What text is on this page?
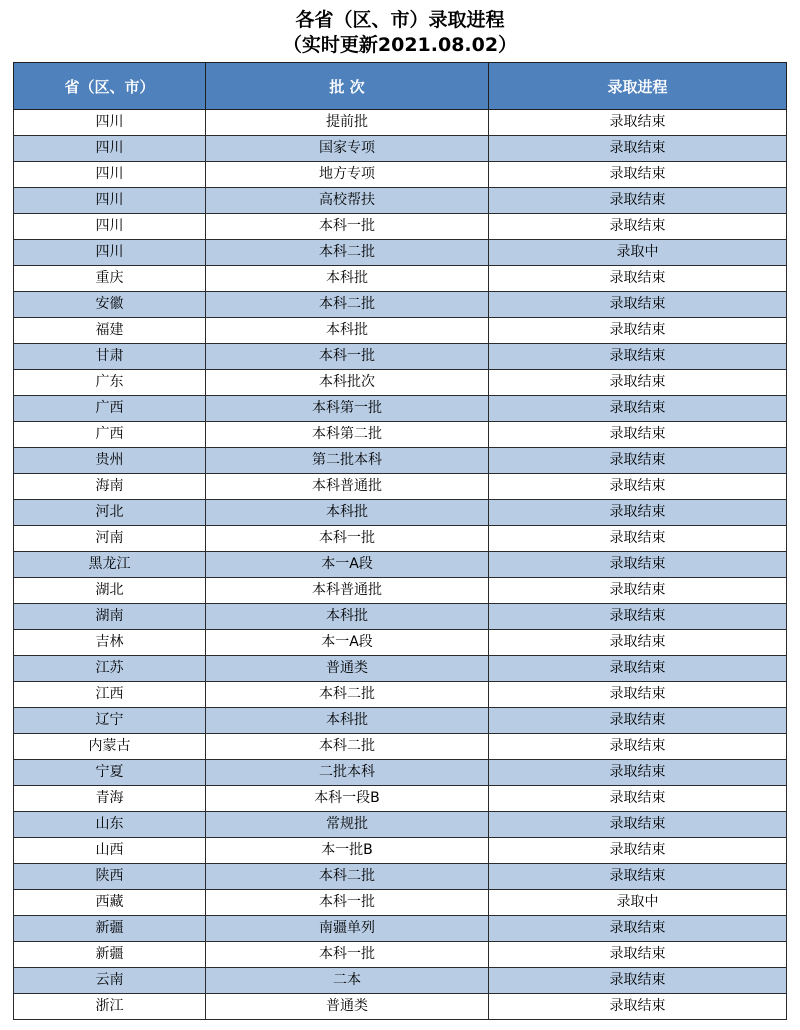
各省（区、市）录取进程
（实时更新2021.08.02）
省（区、市）	批 次	录取进程
四川	提前批	录取结束
四川	国家专项	录取结束
四川	地方专项	录取结束
四川	高校帮扶	录取结束
四川	本科一批	录取结束
四川	本科二批	录取中
重庆	本科批	录取结束
安徽	本科二批	录取结束
福建	本科批	录取结束
甘肃	本科一批	录取结束
广东	本科批次	录取结束
广西	本科第一批	录取结束
广西	本科第二批	录取结束
贵州	第二批本科	录取结束
海南	本科普通批	录取结束
河北	本科批	录取结束
河南	本科一批	录取结束
黑龙江	本一A段	录取结束
湖北	本科普通批	录取结束
湖南	本科批	录取结束
吉林	本一A段	录取结束
江苏	普通类	录取结束
江西	本科二批	录取结束
辽宁	本科批	录取结束
内蒙古	本科二批	录取结束
宁夏	二批本科	录取结束
青海	本科一段B	录取结束
山东	常规批	录取结束
山西	本一批B	录取结束
陕西	本科二批	录取结束
西藏	本科一批	录取中
新疆	南疆单列	录取结束
新疆	本科一批	录取结束
云南	二本	录取结束
浙江	普通类	录取结束
